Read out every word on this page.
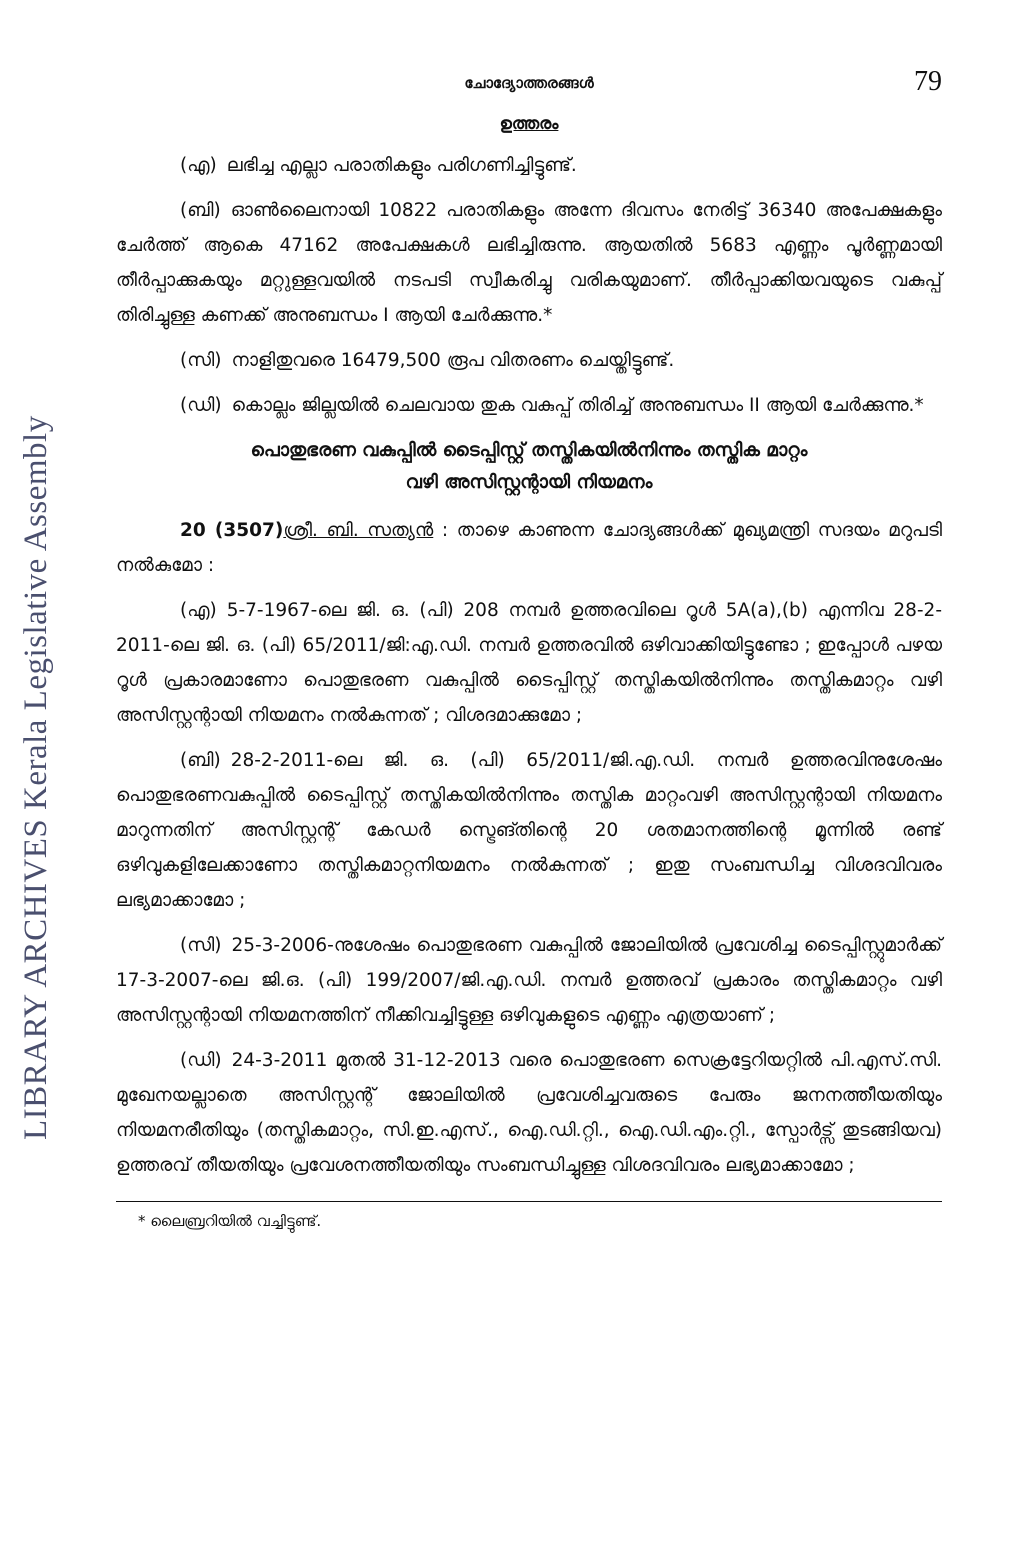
LIBRARY ARCHIVES Kerala Legislative Assembly
ചോദ്യോത്തരങ്ങൾ	79
ഉത്തരം

(എ) ലഭിച്ച എല്ലാ പരാതികളും പരിഗണിച്ചിട്ടുണ്ട്.

(ബി) ഓൺലൈനായി 10822 പരാതികളും അന്നേ ദിവസം നേരിട്ട് 36340 അപേക്ഷകളും ചേർത്ത് ആകെ 47162 അപേക്ഷകൾ ലഭിച്ചിരുന്നു. ആയതിൽ 5683 എണ്ണം പൂർണ്ണമായി തീർപ്പാക്കുകയും മറ്റുള്ളവയിൽ നടപടി സ്വീകരിച്ചു വരികയുമാണ്. തീർപ്പാക്കിയവയുടെ വകുപ്പ് തിരിച്ചുള്ള കണക്ക് അനുബന്ധം I ആയി ചേർക്കുന്നു.*

(സി) നാളിതുവരെ 16479,500 രൂപ വിതരണം ചെയ്തിട്ടുണ്ട്.

(ഡി) കൊല്ലം ജില്ലയിൽ ചെലവായ തുക വകുപ്പ് തിരിച്ച് അനുബന്ധം II ആയി ചേർക്കുന്നു.*

പൊതുഭരണ വകുപ്പിൽ ടൈപ്പിസ്റ്റ് തസ്തികയിൽനിന്നും തസ്തിക മാറ്റം
വഴി അസിസ്റ്റന്റായി നിയമനം

20 (3507)ശ്രീ. ബി. സത്യൻ : താഴെ കാണുന്ന ചോദ്യങ്ങൾക്ക് മുഖ്യമന്ത്രി സദയം മറുപടി നൽകുമോ :

(എ) 5-7-1967-ലെ ജി. ഒ. (പി) 208 നമ്പർ ഉത്തരവിലെ റൂൾ 5A(a),(b) എന്നിവ 28-2-2011-ലെ ജി. ഒ. (പി) 65/2011/ജി:എ.ഡി. നമ്പർ ഉത്തരവിൽ ഒഴിവാക്കിയിട്ടുണ്ടോ ; ഇപ്പോൾ പഴയ റൂൾ പ്രകാരമാണോ പൊതുഭരണ വകുപ്പിൽ ടൈപ്പിസ്റ്റ് തസ്തികയിൽനിന്നും തസ്തികമാറ്റം വഴി അസിസ്റ്റന്റായി നിയമനം നൽകുന്നത് ; വിശദമാക്കുമോ ;

(ബി) 28-2-2011-ലെ ജി. ഒ. (പി) 65/2011/ജി.എ.ഡി. നമ്പർ ഉത്തരവിനുശേഷം പൊതുഭരണവകുപ്പിൽ ടൈപ്പിസ്റ്റ് തസ്തികയിൽനിന്നും തസ്തിക മാറ്റംവഴി അസിസ്റ്റന്റായി നിയമനം മാറുന്നതിന് അസിസ്റ്റന്റ് കേഡർ സ്ട്രെങ്തിന്റെ 20 ശതമാനത്തിന്റെ മൂന്നിൽ രണ്ട് ഒഴിവുകളിലേക്കാണോ തസ്തികമാറ്റനിയമനം നൽകുന്നത് ; ഇതു സംബന്ധിച്ച വിശദവിവരം ലഭ്യമാക്കാമോ ;

(സി) 25-3-2006-നുശേഷം പൊതുഭരണ വകുപ്പിൽ ജോലിയിൽ പ്രവേശിച്ച ടൈപ്പിസ്റ്റുമാർക്ക് 17-3-2007-ലെ ജി.ഒ. (പി) 199/2007/ജി.എ.ഡി. നമ്പർ ഉത്തരവ് പ്രകാരം തസ്തികമാറ്റം വഴി അസിസ്റ്റന്റായി നിയമനത്തിന് നീക്കിവച്ചിട്ടുള്ള ഒഴിവുകളുടെ എണ്ണം എത്രയാണ് ;

(ഡി) 24-3-2011 മുതൽ 31-12-2013 വരെ പൊതുഭരണ സെക്രട്ടേറിയറ്റിൽ പി.എസ്.സി. മുഖേനയല്ലാതെ അസിസ്റ്റന്റ് ജോലിയിൽ പ്രവേശിച്ചവരുടെ പേരും ജനനത്തീയതിയും നിയമനരീതിയും (തസ്തികമാറ്റം, സി.ഇ.എസ്., ഐ.ഡി.റ്റി., ഐ.ഡി.എം.റ്റി., സ്പോർട്സ് തുടങ്ങിയവ) ഉത്തരവ് തീയതിയും പ്രവേശനത്തീയതിയും സംബന്ധിച്ചുള്ള വിശദവിവരം ലഭ്യമാക്കാമോ ;

* ലൈബ്രറിയിൽ വച്ചിട്ടുണ്ട്.
